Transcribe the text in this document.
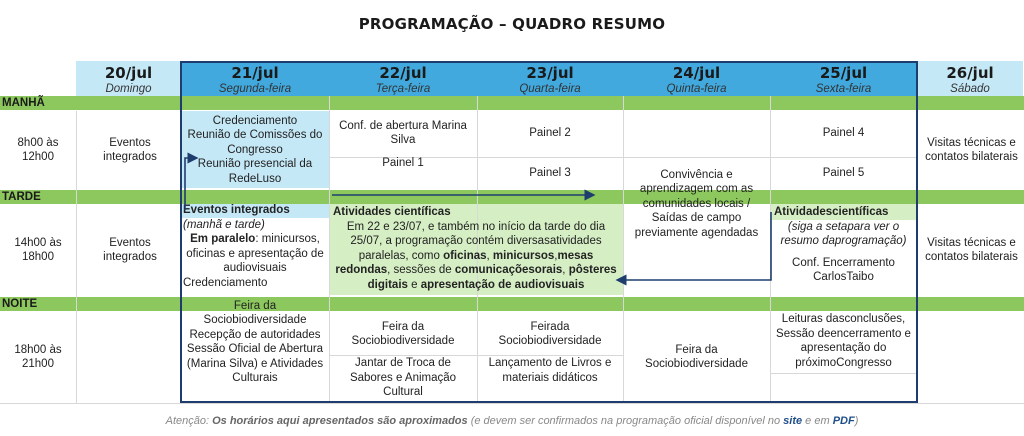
PROGRAMAÇÃO – QUADRO RESUMO
20/jul
Domingo
21/jul
Segunda-feira
22/jul
Terça-feira
23/jul
Quarta-feira
24/jul
Quinta-feira
25/jul
Sexta-feira
26/jul
Sábado
MANHÃ
TARDE
NOITE
8h00 às 12h00
14h00 às 18h00
18h00 às 21h00
Eventos integrados
Credenciamento
Reunião de Comissões do Congresso
Reunião presencial da RedeLuso
Conf. de abertura Marina Silva
Painel 1
Painel 2
Painel 3	Convivência e aprendizagem com as comunidades locais / Saídas de campo previamente agendadas
Painel 4
Painel 5
Visitas técnicas e contatos bilaterais
Eventos integrados
Eventos integrados
(manhã e tarde)
Em paralelo: minicursos, oficinas e apresentação de audiovisuais
Credenciamento
Atividades científicas
Em 22 e 23/07, e também no início da tarde do dia 25/07, a programação contém diversasatividades paralelas, como oficinas, minicursos,mesas redondas, sessões de comunicaçõesorais, pôsteres digitais e apresentação de audiovisuais
Atividadescientíficas
(siga a setapara ver o resumo daprogramação)
Conf. Encerramento CarlosTaibo
Visitas técnicas e contatos bilaterais
Feira da Sociobiodiversidade
Recepção de autoridades
Sessão Oficial de Abertura (Marina Silva) e Atividades Culturais
Feira da Sociobiodiversidade
Jantar de Troca de Sabores e Animação Cultural
Feirada Sociobiodiversidade
Lançamento de Livros e materiais didáticos
Feira da Sociobiodiversidade
Leituras dasconclusões, Sessão deencerramento e apresentação do próximoCongresso
Atenção: Os horários aqui apresentados são aproximados (e devem ser confirmados na programação oficial disponível no site e em PDF)
